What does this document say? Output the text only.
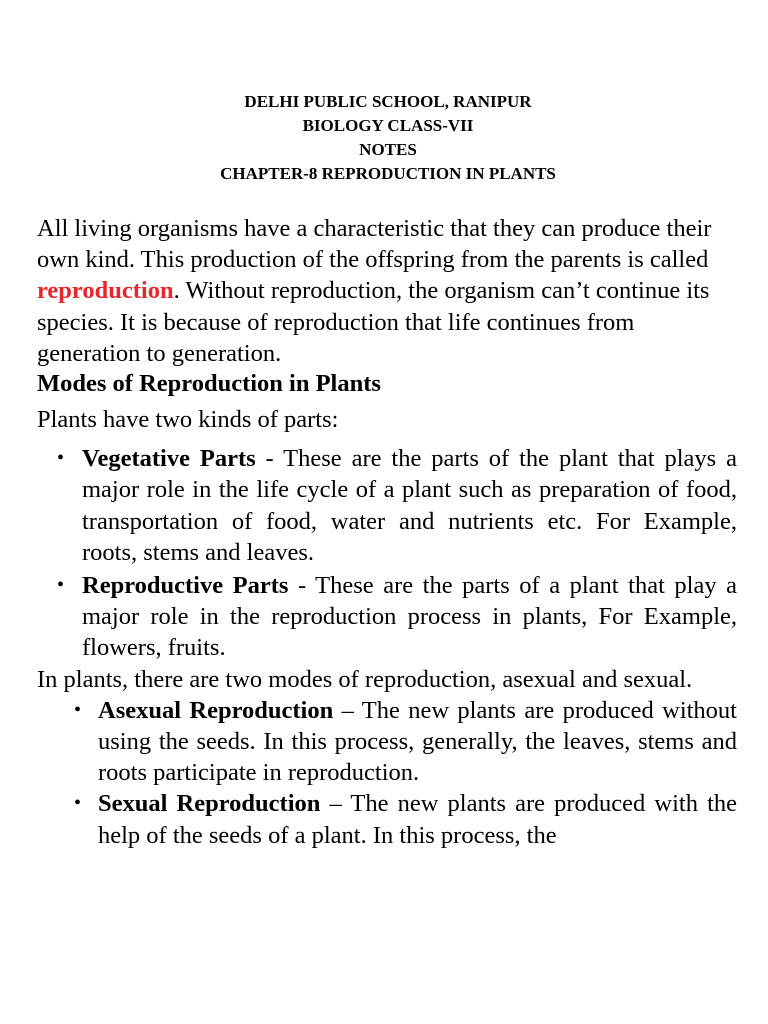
DELHI PUBLIC SCHOOL, RANIPUR
BIOLOGY CLASS-VII
NOTES
CHAPTER-8 REPRODUCTION IN PLANTS

All living organisms have a characteristic that they can produce their own kind. This production of the offspring from the parents is called reproduction. Without reproduction, the organism can’t continue its species. It is because of reproduction that life continues from generation to generation.

Modes of Reproduction in Plants

Plants have two kinds of parts:

• Vegetative Parts - These are the parts of the plant that plays a major role in the life cycle of a plant such as preparation of food, transportation of food, water and nutrients etc. For Example, roots, stems and leaves.
• Reproductive Parts - These are the parts of a plant that play a major role in the reproduction process in plants, For Example, flowers, fruits.

In plants, there are two modes of reproduction, asexual and sexual.

• Asexual Reproduction – The new plants are produced without using the seeds. In this process, generally, the leaves, stems and roots participate in reproduction.
• Sexual Reproduction – The new plants are produced with the help of the seeds of a plant. In this process, the
